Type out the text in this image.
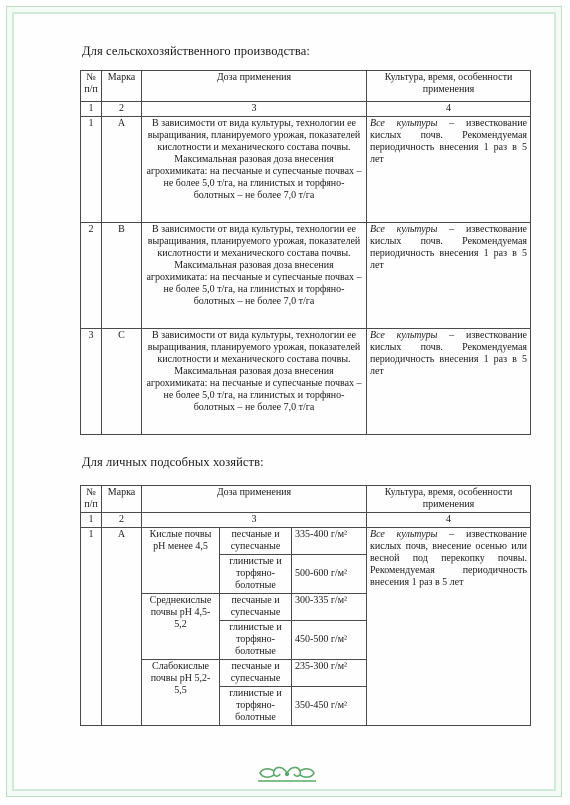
Для сельскохозяйственного производства:
№ п/п	Марка	Доза применения	Культура, время, особенности применения
1	2	3	4
1	А	В зависимости от вида культуры, технологии ее выращивания, планируемого урожая, показателей кислотности и механического состава почвы. Максимальная разовая доза внесения агрохимиката: на песчаные и супесчаные почвах – не более 5,0 т/га, на глинистых и торфяно-болотных – не более 7,0 т/га	Все культуры – известкование кислых почв. Рекомендуемая периодичность внесения 1 раз в 5 лет
2	В	В зависимости от вида культуры, технологии ее выращивания, планируемого урожая, показателей кислотности и механического состава почвы. Максимальная разовая доза внесения агрохимиката: на песчаные и супесчаные почвах – не более 5,0 т/га, на глинистых и торфяно-болотных – не более 7,0 т/га	Все культуры – известкование кислых почв. Рекомендуемая периодичность внесения 1 раз в 5 лет
3	С	В зависимости от вида культуры, технологии ее выращивания, планируемого урожая, показателей кислотности и механического состава почвы. Максимальная разовая доза внесения агрохимиката: на песчаные и супесчаные почвах – не более 5,0 т/га, на глинистых и торфяно-болотных – не более 7,0 т/га	Все культуры – известкование кислых почв. Рекомендуемая периодичность внесения 1 раз в 5 лет
Для личных подсобных хозяйств:
№ п/п	Марка	Доза применения			Культура, время, особенности применения
1	2	3			4
1	А	Кислые почвы рН менее 4,5	песчаные и супесчаные	335-400 г/м²	Все культуры – известкование кислых почв, внесение осенью или весной под перекопку почвы. Рекомендуемая периодичность внесения 1 раз в 5 лет
			глинистые и торфяно-болотные	500-600 г/м²	
		Среднекислые почвы рН 4,5-5,2	песчаные и супесчаные	300-335 г/м²	
			глинистые и торфяно-болотные	450-500 г/м²	
		Слабокислые почвы рН 5,2-5,5	песчаные и супесчаные	235-300 г/м²	
			глинистые и торфяно-болотные	350-450 г/м²	
